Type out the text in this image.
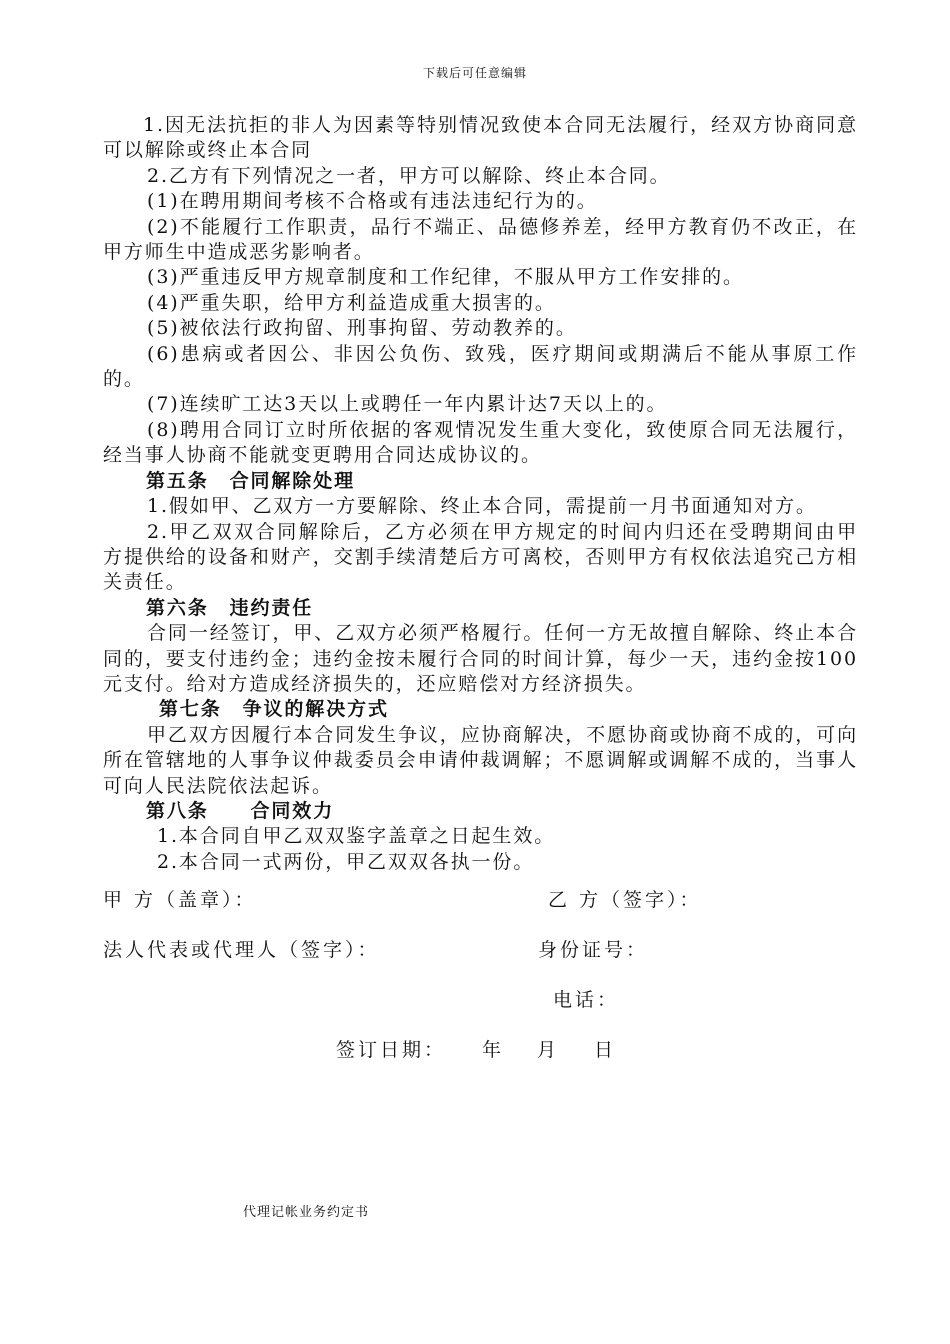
下载后可任意编辑

1.因无法抗拒的非人为因素等特别情况致使本合同无法履行，经双方协商同意可以解除或终止本合同

2.乙方有下列情况之一者，甲方可以解除、终止本合同。

(1)在聘用期间考核不合格或有违法违纪行为的。

(2)不能履行工作职责，品行不端正、品德修养差，经甲方教育仍不改正，在甲方师生中造成恶劣影响者。

(3)严重违反甲方规章制度和工作纪律，不服从甲方工作安排的。

(4)严重失职，给甲方利益造成重大损害的。

(5)被依法行政拘留、刑事拘留、劳动教养的。

(6)患病或者因公、非因公负伤、致残，医疗期间或期满后不能从事原工作的。

(7)连续旷工达3天以上或聘任一年内累计达7天以上的。

(8)聘用合同订立时所依据的客观情况发生重大变化，致使原合同无法履行，经当事人协商不能就变更聘用合同达成协议的。

第五条　合同解除处理

1.假如甲、乙双方一方要解除、终止本合同，需提前一月书面通知对方。

2.甲乙双双合同解除后，乙方必须在甲方规定的时间内归还在受聘期间由甲方提供给的设备和财产，交割手续清楚后方可离校，否则甲方有权依法追究己方相关责任。

第六条　违约责任

合同一经签订，甲、乙双方必须严格履行。任何一方无故擅自解除、终止本合同的，要支付违约金；违约金按未履行合同的时间计算，每少一天，违约金按100元支付。给对方造成经济损失的，还应赔偿对方经济损失。

第七条　争议的解决方式

甲乙双方因履行本合同发生争议，应协商解决，不愿协商或协商不成的，可向所在管辖地的人事争议仲裁委员会申请仲裁调解；不愿调解或调解不成的，当事人可向人民法院依法起诉。

第八条　　合同效力

1.本合同自甲乙双双鉴字盖章之日起生效。

2.本合同一式两份，甲乙双双各执一份。

甲 方（盖章）：	乙 方（签字）：
法人代表或代理人（签字）：	身份证号：
电话：
签订日期： 年 月 日
代理记帐业务约定书
